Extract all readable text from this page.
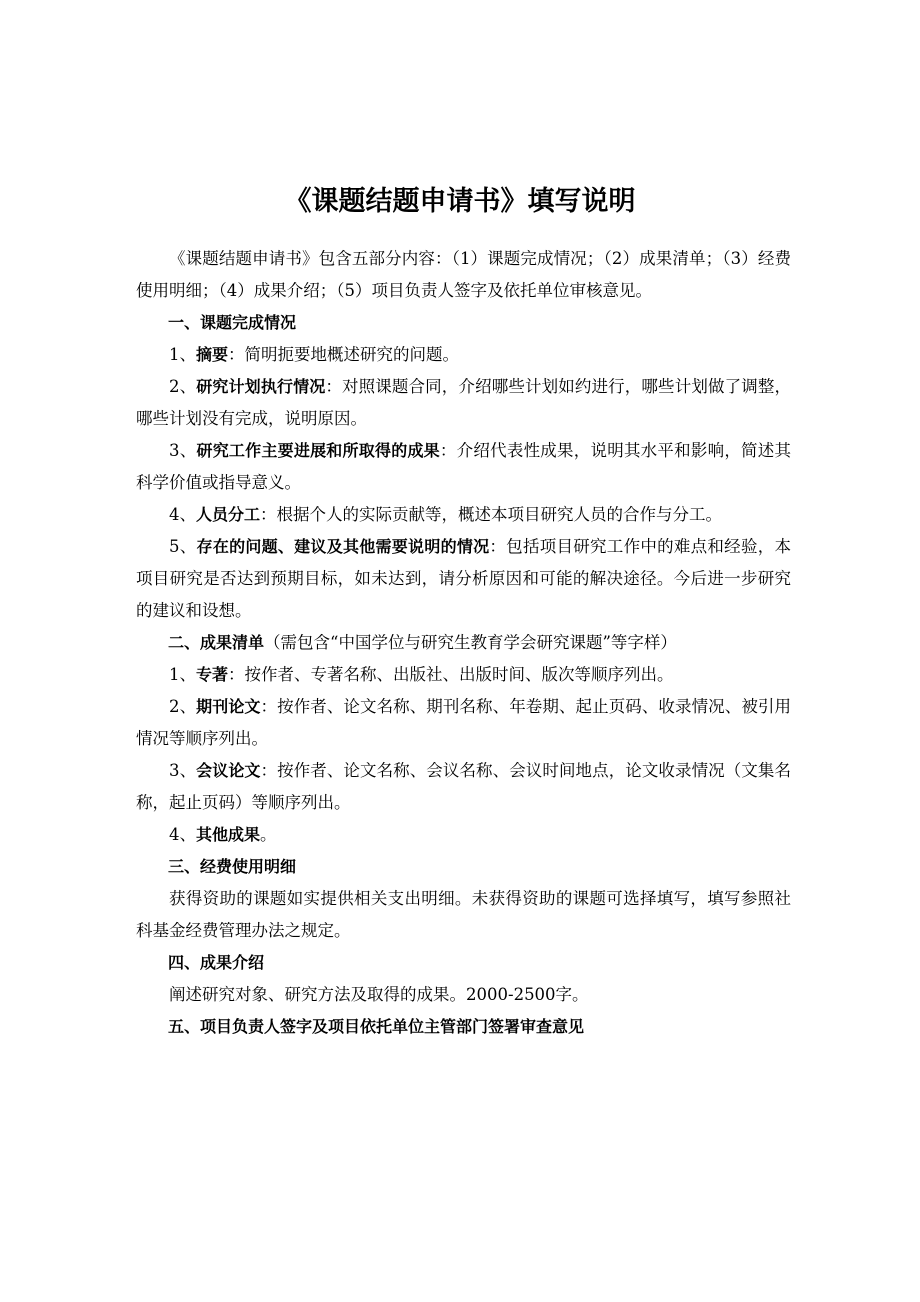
《课题结题申请书》填写说明

《课题结题申请书》包含五部分内容：（1）课题完成情况；（2）成果清单；（3）经费使用明细；（4）成果介绍；（5）项目负责人签字及依托单位审核意见。

一、课题完成情况

1、摘要：简明扼要地概述研究的问题。

2、研究计划执行情况：对照课题合同，介绍哪些计划如约进行，哪些计划做了调整，哪些计划没有完成，说明原因。

3、研究工作主要进展和所取得的成果：介绍代表性成果，说明其水平和影响，简述其科学价值或指导意义。

4、人员分工：根据个人的实际贡献等，概述本项目研究人员的合作与分工。

5、存在的问题、建议及其他需要说明的情况：包括项目研究工作中的难点和经验，本项目研究是否达到预期目标，如未达到，请分析原因和可能的解决途径。今后进一步研究的建议和设想。

二、成果清单（需包含“中国学位与研究生教育学会研究课题”等字样）

1、专著：按作者、专著名称、出版社、出版时间、版次等顺序列出。

2、期刊论文：按作者、论文名称、期刊名称、年卷期、起止页码、收录情况、被引用情况等顺序列出。

3、会议论文：按作者、论文名称、会议名称、会议时间地点，论文收录情况（文集名称，起止页码）等顺序列出。

4、其他成果。

三、经费使用明细

获得资助的课题如实提供相关支出明细。未获得资助的课题可选择填写，填写参照社科基金经费管理办法之规定。

四、成果介绍

阐述研究对象、研究方法及取得的成果。2000-2500字。

五、项目负责人签字及项目依托单位主管部门签署审查意见
